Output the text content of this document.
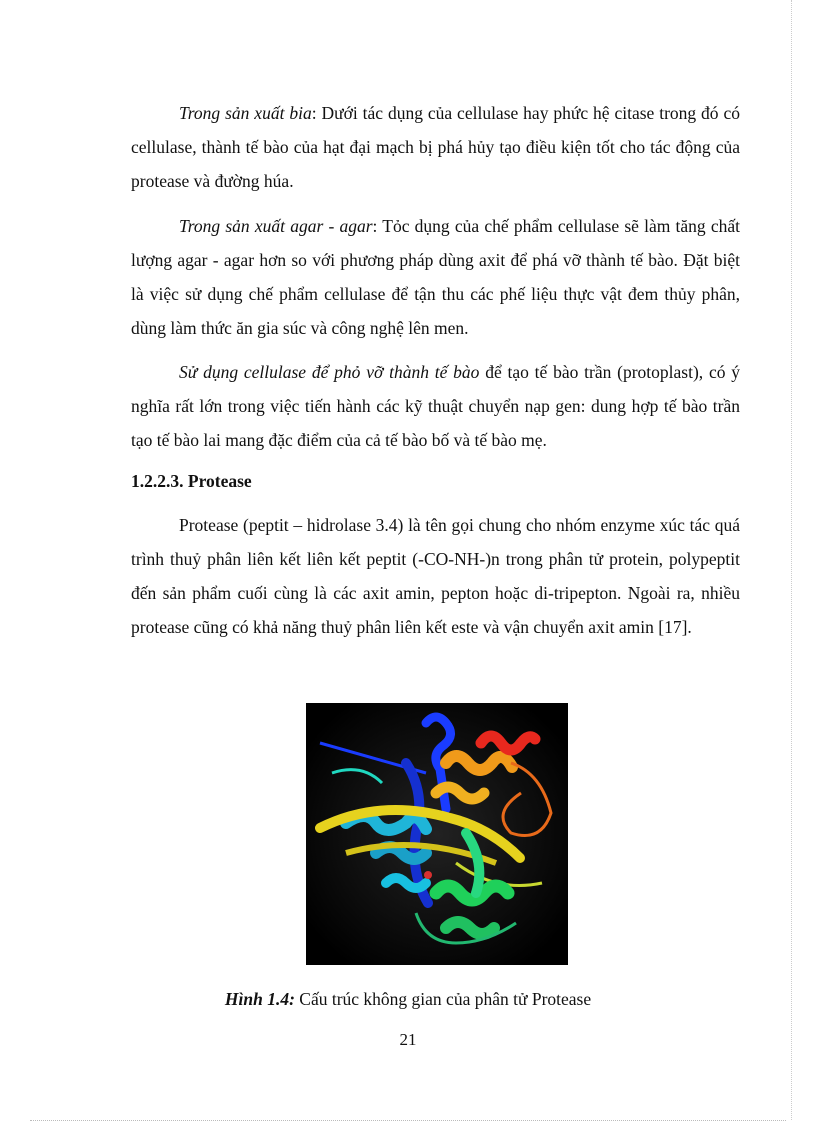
Trong sản xuất bia: Dưới tác dụng của cellulase hay phức hệ citase trong đó có cellulase, thành tế bào của hạt đại mạch bị phá hủy tạo điều kiện tốt cho tác động của protease và đường húa.

Trong sản xuất agar - agar: Tỏc dụng của chế phẩm cellulase sẽ làm tăng chất lượng agar - agar hơn so với phương pháp dùng axit để phá vỡ thành tế bào. Đặt biệt là việc sử dụng chế phẩm cellulase để tận thu các phế liệu thực vật đem thủy phân, dùng làm thức ăn gia súc và công nghệ lên men.

Sử dụng cellulase để phỏ vỡ thành tế bào để tạo tế bào trần (protoplast), có ý nghĩa rất lớn trong việc tiến hành các kỹ thuật chuyển nạp gen: dung hợp tế bào trần tạo tế bào lai mang đặc điểm của cả tế bào bố và tế bào mẹ.

1.2.2.3. Protease

Protease (peptit – hidrolase 3.4) là tên gọi chung cho nhóm enzyme xúc tác quá trình thuỷ phân liên kết liên kết peptit (-CO-NH-)n trong phân tử protein, polypeptit đến sản phẩm cuối cùng là các axit amin, pepton hoặc di-tripepton. Ngoài ra, nhiều protease cũng có khả năng thuỷ phân liên kết este và vận chuyển axit amin [17].

Hình 1.4: Cấu trúc không gian của phân tử Protease
21
